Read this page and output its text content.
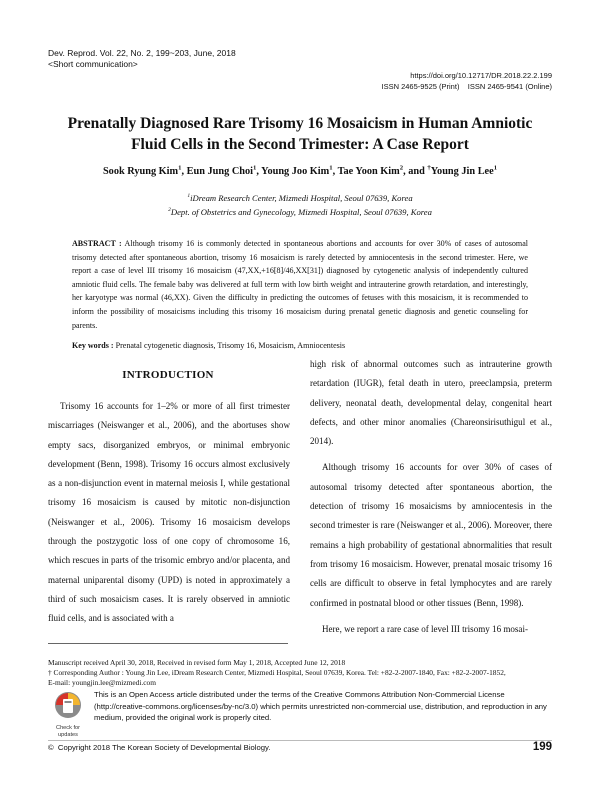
Dev. Reprod. Vol. 22, No. 2, 199~203, June, 2018
<Short communication>
https://doi.org/10.12717/DR.2018.22.2.199
ISSN 2465-9525 (Print)    ISSN 2465-9541 (Online)
Prenatally Diagnosed Rare Trisomy 16 Mosaicism in Human Amniotic
Fluid Cells in the Second Trimester: A Case Report
Sook Ryung Kim$^1$, Eun Jung Choi$^1$, Young Joo Kim$^1$, Tae Yoon Kim$^2$, and †Young Jin Lee$^1$
$^1$iDream Research Center, Mizmedi Hospital, Seoul 07639, Korea
$^2$Dept. of Obstetrics and Gynecology, Mizmedi Hospital, Seoul 07639, Korea
ABSTRACT : Although trisomy 16 is commonly detected in spontaneous abortions and accounts for over 30% of cases of autosomal trisomy detected after spontaneous abortion, trisomy 16 mosaicism is rarely detected by amniocentesis in the second trimester. Here, we report a case of level III trisomy 16 mosaicism (47,XX,+16[8]/46,XX[31]) diagnosed by cytogenetic analysis of independently cultured amniotic fluid cells. The female baby was delivered at full term with low birth weight and intrauterine growth retardation, and interestingly, her karyotype was normal (46,XX). Given the difficulty in predicting the outcomes of fetuses with this mosaicism, it is recommended to inform the possibility of mosaicisms including this trisomy 16 mosaicism during prenatal genetic diagnosis and genetic counseling for parents.
Key words : Prenatal cytogenetic diagnosis, Trisomy 16, Mosaicism, Amniocentesis
INTRODUCTION

Trisomy 16 accounts for 1–2% or more of all first trimester miscarriages (Neiswanger et al., 2006), and the abortuses show empty sacs, disorganized embryos, or minimal embryonic development (Benn, 1998). Trisomy 16 occurs almost exclusively as a non-disjunction event in maternal meiosis I, while gestational trisomy 16 mosaicism is caused by mitotic non-disjunction (Neiswanger et al., 2006). Trisomy 16 mosaicism develops through the postzygotic loss of one copy of chromosome 16, which rescues in parts of the trisomic embryo and/or placenta, and maternal uniparental disomy (UPD) is noted in approximately a third of such mosaicism cases. It is rarely observed in amniotic fluid cells, and is associated with a

high risk of abnormal outcomes such as intrauterine growth retardation (IUGR), fetal death in utero, preeclampsia, preterm delivery, neonatal death, developmental delay, congenital heart defects, and other minor anomalies (Chareonsirisuthigul et al., 2014).

Although trisomy 16 accounts for over 30% of cases of autosomal trisomy detected after spontaneous abortion, the detection of trisomy 16 mosaicisms by amniocentesis in the second trimester is rare (Neiswanger et al., 2006). Moreover, there remains a high probability of gestational abnormalities that result from trisomy 16 mosaicism. However, prenatal mosaic trisomy 16 cells are difficult to observe in fetal lymphocytes and are rarely confirmed in postnatal blood or other tissues (Benn, 1998).

Here, we report a rare case of level III trisomy 16 mosai-

Manuscript received April 30, 2018, Received in revised form May 1, 2018, Accepted June 12, 2018
† Corresponding Author : Young Jin Lee, iDream Research Center, Mizmedi Hospital, Seoul 07639, Korea. Tel: +82-2-2007-1840, Fax: +82-2-2007-1852,
E-mail: youngjin.lee@mizmedi.com
Check for
updates
This is an Open Access article distributed under the terms of the Creative Commons Attribution Non-Commercial License (http://creative-commons.org/licenses/by-nc/3.0) which permits unrestricted non-commercial use, distribution, and reproduction in any medium, provided the original work is properly cited.
©  Copyright 2018 The Korean Society of Developmental Biology.	199
